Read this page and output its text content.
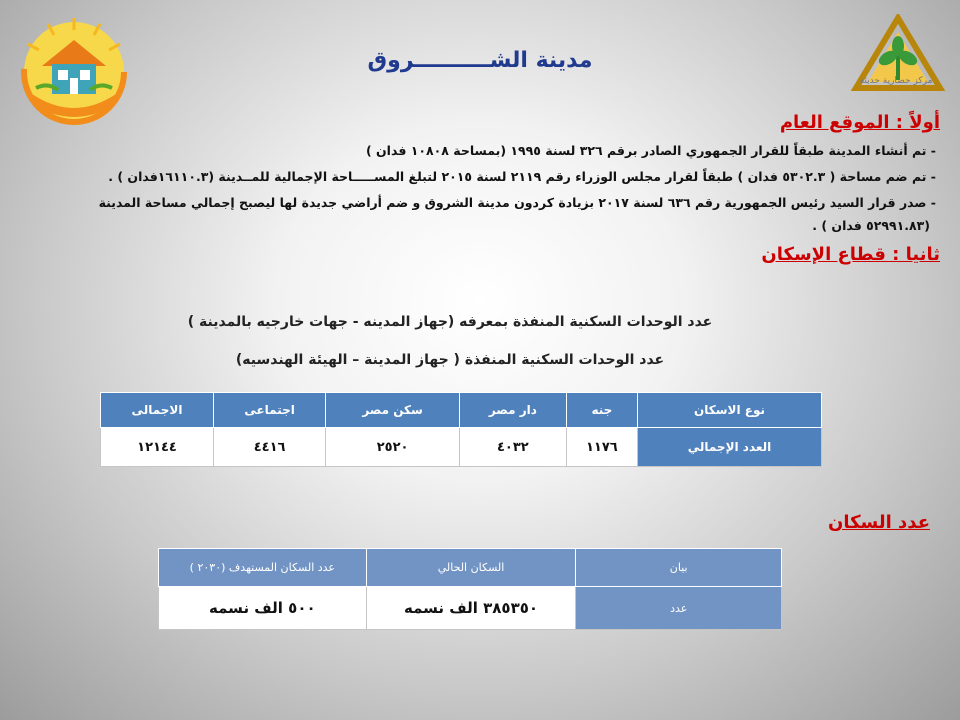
مركز حضارية حديثة
مدينة الشــــــــــروق
أولاً : الموقع العام
- تم أنشاء المدينة طبقاً للقرار الجمهوري الصادر برقم ٣٢٦ لسنة ١٩٩٥ (بمساحة ١٠٨٠٨ فدان )
- تم ضم مساحة ( ٥٣٠٢.٣ فدان ) طبقاً لقرار مجلس الوزراء رقم ٢١١٩ لسنة ٢٠١٥ لتبلغ المســـــاحة الإجمالية للمــدينة (١٦١١٠.٣فدان ) .
- صدر قرار السيد رئيس الجمهورية رقم ٦٣٦ لسنة ٢٠١٧ بزيادة كردون مدينة الشروق و ضم أراضي جديدة لها ليصبح إجمالي مساحة المدينة
(٥٢٩٩١.٨٣ فدان ) .
ثانيا : قطاع الإسكان
عدد الوحدات السكنية المنفذة بمعرفه (جهاز المدينه - جهات خارجيه بالمدينة )
عدد الوحدات السكنية المنفذة ( جهاز المدينة – الهيئة الهندسيه)
نوع الاسكان	جنه	دار مصر	سكن مصر	اجتماعى	الاجمالى
العدد الإجمالي	١١٧٦	٤٠٣٢	٢٥٢٠	٤٤١٦	١٢١٤٤
عدد السكان
بيان	السكان الحالي	عدد السكان المستهدف (٢٠٣٠ )
عدد	٣٨٥٣٥٠ الف نسمه	٥٠٠ الف نسمه
